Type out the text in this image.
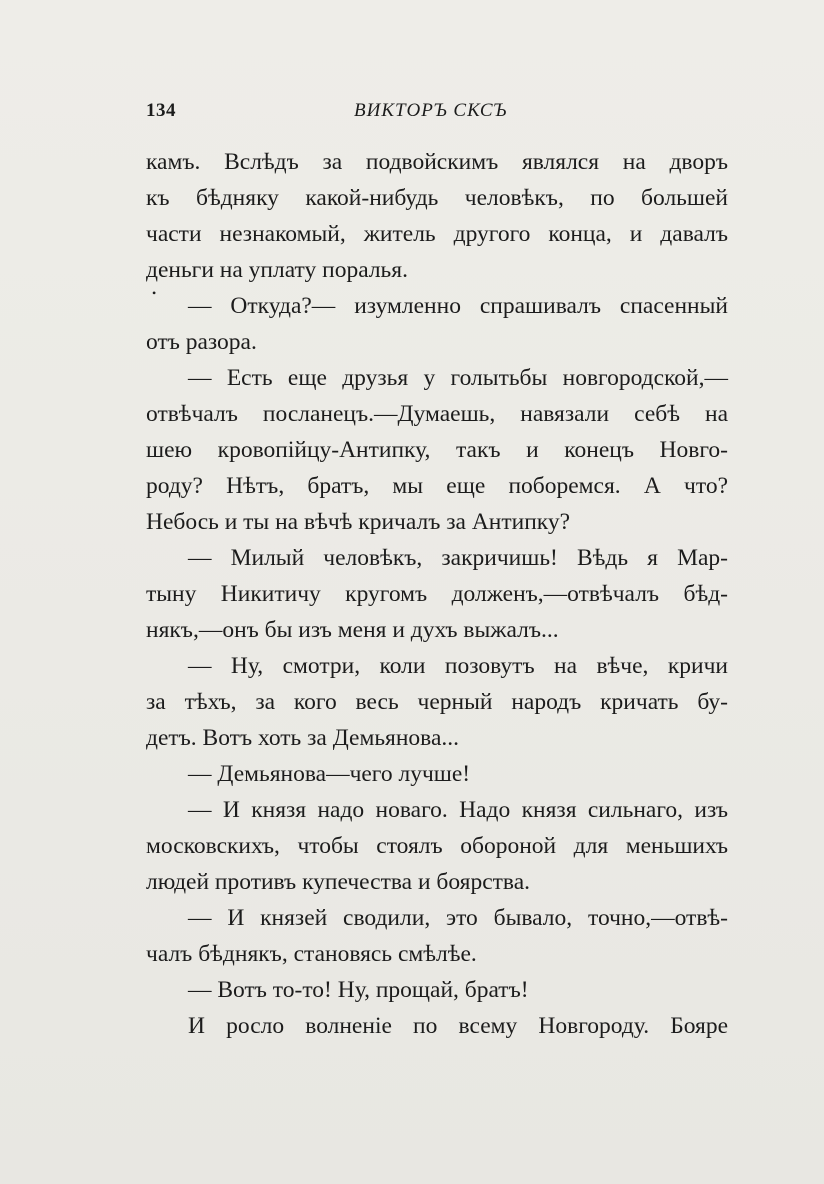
134	ВИКТОРЪ СКСЪ
•
камъ. Вслѣдъ за подвойскимъ являлся на дворъ
къ бѣдняку какой-нибудь человѣкъ, по большей
части незнакомый, житель другого конца, и давалъ
деньги на уплату поралья.
— Откуда?— изумленно спрашивалъ спасенный
отъ разора.
— Есть еще друзья у голытьбы новгородской,—
отвѣчалъ посланецъ.—Думаешь, навязали себѣ на
шею кровопійцу-Антипку, такъ и конецъ Новго-
роду? Нѣтъ, братъ, мы еще поборемся. А что?
Небось и ты на вѣчѣ кричалъ за Антипку?
— Милый человѣкъ, закричишь! Вѣдь я Мар-
тыну Никитичу кругомъ долженъ,—отвѣчалъ бѣд-
някъ,—онъ бы изъ меня и духъ выжалъ...
— Ну, смотри, коли позовутъ на вѣче, кричи
за тѣхъ, за кого весь черный народъ кричать бу-
детъ. Вотъ хоть за Демьянова...
— Демьянова—чего лучше!
— И князя надо новаго. Надо князя сильнаго, изъ
московскихъ, чтобы стоялъ обороной для меньшихъ
людей противъ купечества и боярства.
— И князей сводили, это бывало, точно,—отвѣ-
чалъ бѣднякъ, становясь смѣлѣе.
— Вотъ то-то! Ну, прощай, братъ!
И росло волненіе по всему Новгороду. Бояре
